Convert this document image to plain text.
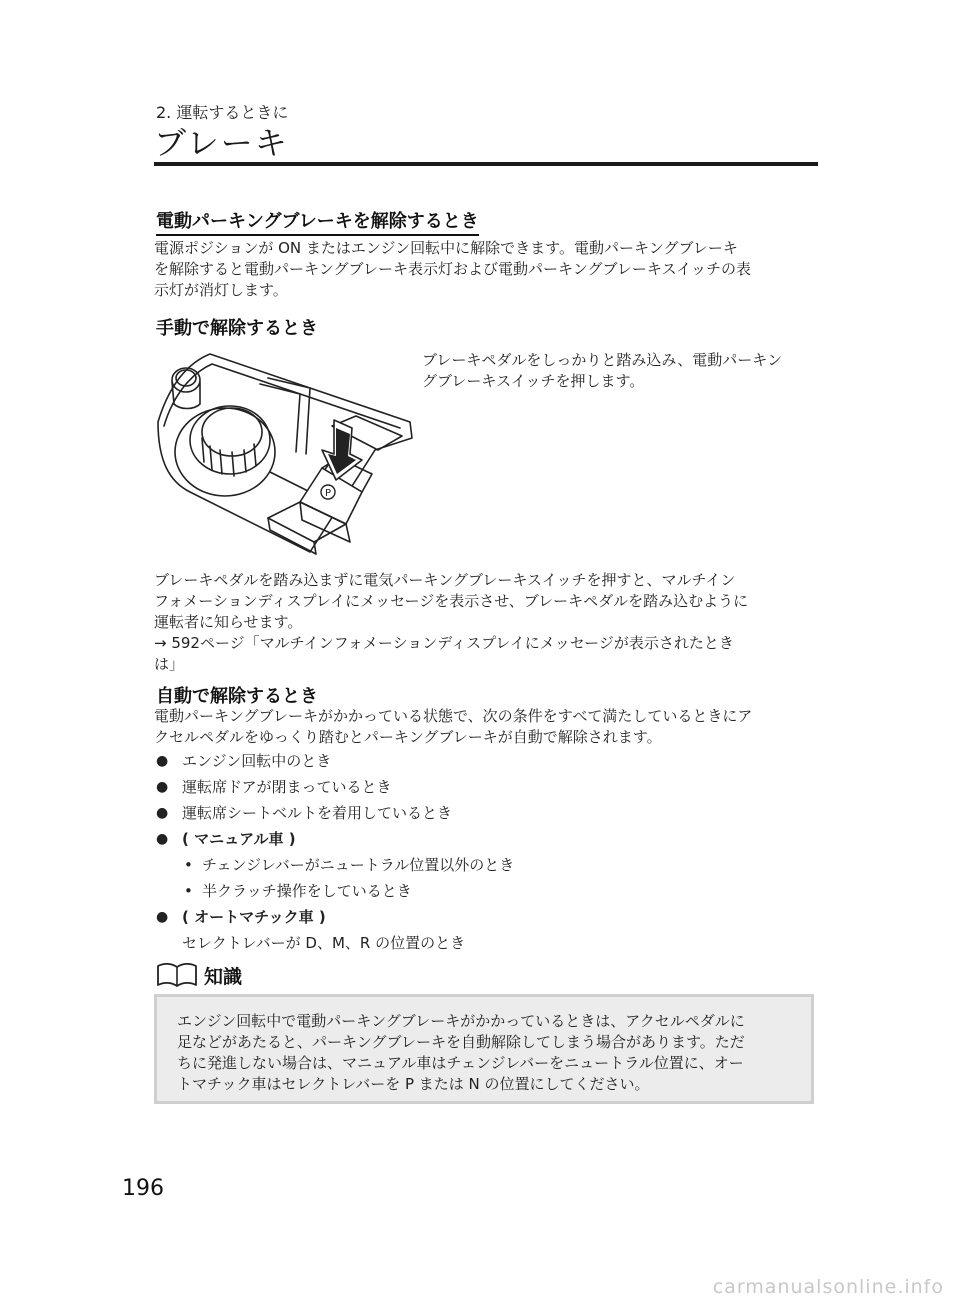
2. 運転するときに
ブレーキ
電動パーキングブレーキを解除するとき

電源ポジションが ON またはエンジン回転中に解除できます。電動パーキングブレーキ

を解除すると電動パーキングブレーキ表示灯および電動パーキングブレーキスイッチの表

示灯が消灯します。

手動で解除するとき
P

ブレーキペダルをしっかりと踏み込み、電動パーキン

グブレーキスイッチを押します。

ブレーキペダルを踏み込まずに電気パーキングブレーキスイッチを押すと、マルチイン

フォメーションディスプレイにメッセージを表示させ、ブレーキペダルを踏み込むように

運転者に知らせます。

→ 592ページ「マルチインフォメーションディスプレイにメッセージが表示されたとき

は」

自動で解除するとき

電動パーキングブレーキがかかっている状態で、次の条件をすべて満たしているときにア

クセルペダルをゆっくり踏むとパーキングブレーキが自動で解除されます。

● エンジン回転中のとき
● 運転席ドアが閉まっているとき
● 運転席シートベルトを着用しているとき
● ( マニュアル車 )
• チェンジレバーがニュートラル位置以外のとき
• 半クラッチ操作をしているとき
● ( オートマチック車 )
セレクトレバーが D、M、R の位置のとき
知識

エンジン回転中で電動パーキングブレーキがかかっているときは、アクセルペダルに

足などがあたると、パーキングブレーキを自動解除してしまう場合があります。ただ

ちに発進しない場合は、マニュアル車はチェンジレバーをニュートラル位置に、オー

トマチック車はセレクトレバーを P または N の位置にしてください。

196
carmanualsonline.info
